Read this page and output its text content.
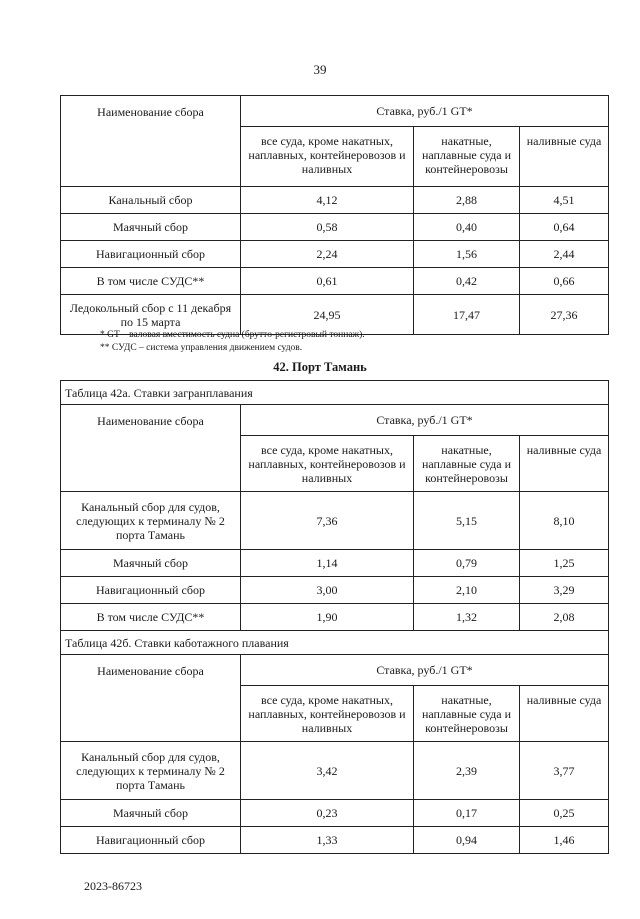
39
Наименование сбора	Ставка, руб./1 GT*		
	все суда, кроме накатных, наплавных, контейнеровозов и наливных	накатные, наплавные суда и контейнеровозы	наливные суда
Канальный сбор	4,12	2,88	4,51
Маячный сбор	0,58	0,40	0,64
Навигационный сбор	2,24	1,56	2,44
В том числе СУДС**	0,61	0,42	0,66
Ледокольный сбор с 11 декабря по 15 марта	24,95	17,47	27,36
* GT – валовая вместимость судна (брутто-регистровый тоннаж).
** СУДС – система управления движением судов.
42. Порт Тамань
Таблица 42а. Ставки загранплавания			
Наименование сбора	Ставка, руб./1 GT*		
	все суда, кроме накатных, наплавных, контейнеровозов и наливных	накатные, наплавные суда и контейнеровозы	наливные суда
Канальный сбор для судов, следующих к терминалу № 2 порта Тамань	7,36	5,15	8,10
Маячный сбор	1,14	0,79	1,25
Навигационный сбор	3,00	2,10	3,29
В том числе СУДС**	1,90	1,32	2,08
Таблица 42б. Ставки каботажного плавания			
Наименование сбора	Ставка, руб./1 GT*		
	все суда, кроме накатных, наплавных, контейнеровозов и наливных	накатные, наплавные суда и контейнеровозы	наливные суда
Канальный сбор для судов, следующих к терминалу № 2 порта Тамань	3,42	2,39	3,77
Маячный сбор	0,23	0,17	0,25
Навигационный сбор	1,33	0,94	1,46
2023-86723
